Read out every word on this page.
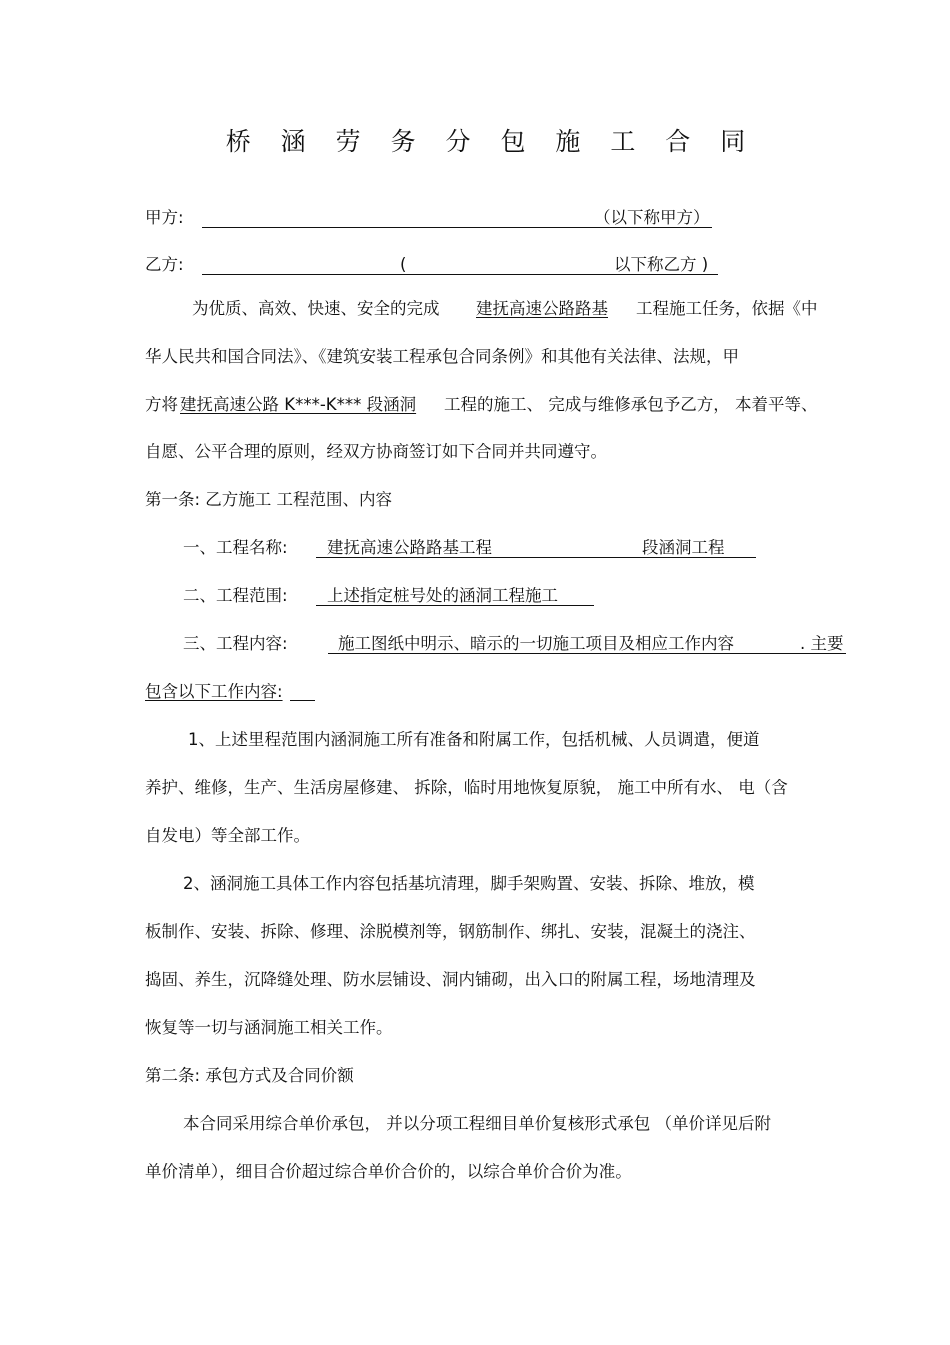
桥 涵 劳 务 分 包 施 工 合 同
甲方:	（以下称甲方）
乙方:	(	以下称乙方 )
为优质、高效、快速、安全的完成 建抚高速公路路基 工程施工任务，依据《中
华人民共和国合同法》、《建筑安装工程承包合同条例》和其他有关法律、法规，甲
方将 建抚高速公路 K***-K*** 段涵洞 工程的施工、 完成与维修承包予乙方， 本着平等、
自愿、公平合理的原则，经双方协商签订如下合同并共同遵守。
第一条: 乙方施工 工程范围、内容
一、工程名称: 建抚高速公路路基工程	段涵洞工程
二、工程范围: 上述指定桩号处的涵洞工程施工
三、工程内容:	施工图纸中明示、暗示的一切施工项目及相应工作内容	. 主要
包含以下工作内容:
1、上述里程范围内涵洞施工所有准备和附属工作，包括机械、人员调遣，便道
养护、维修，生产、生活房屋修建、 拆除，临时用地恢复原貌， 施工中所有水、 电（含
自发电）等全部工作。
2、涵洞施工具体工作内容包括基坑清理，脚手架购置、安装、拆除、堆放，模
板制作、安装、拆除、修理、涂脱模剂等，钢筋制作、绑扎、安装，混凝土的浇注、
捣固、养生，沉降缝处理、防水层铺设、洞内铺砌，出入口的附属工程，场地清理及
恢复等一切与涵洞施工相关工作。
第二条: 承包方式及合同价额
本合同采用综合单价承包， 并以分项工程细目单价复核形式承包 （单价详见后附
单价清单），细目合价超过综合单价合价的，以综合单价合价为准。
